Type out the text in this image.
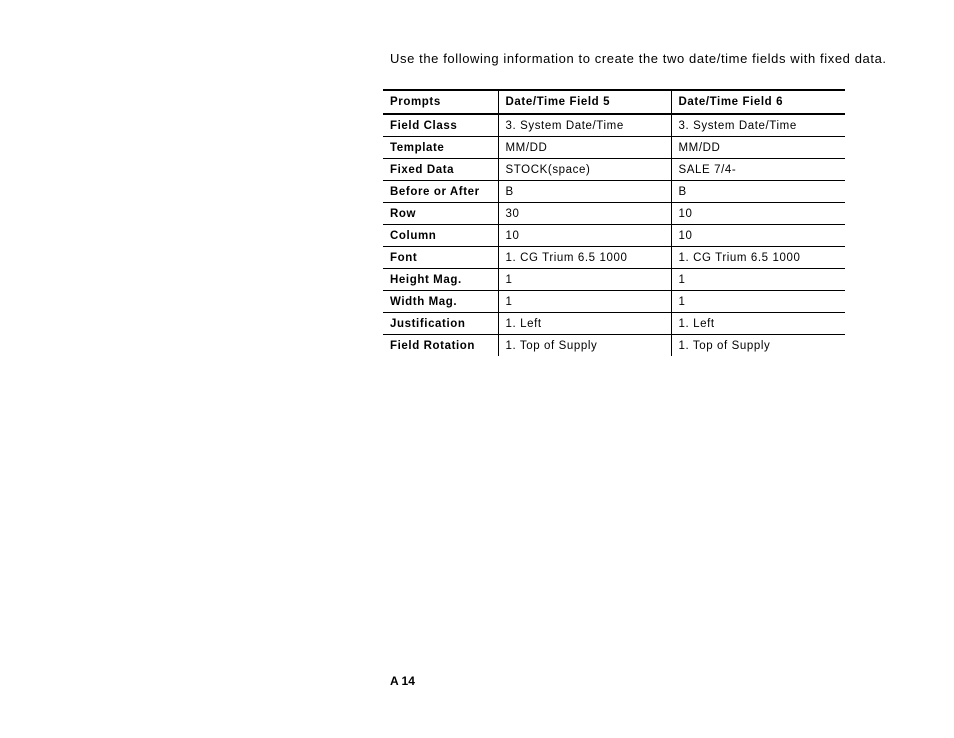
Use the following information to create the two date/time fields with fixed data.

Prompts	Date/Time Field 5	Date/Time Field 6
Field Class	3. System Date/Time	3. System Date/Time
Template	MM/DD	MM/DD
Fixed Data	STOCK(space)	SALE 7/4-
Before or After	B	B
Row	30	10
Column	10	10
Font	1. CG Trium 6.5 1000	1. CG Trium 6.5 1000
Height Mag.	1	1
Width Mag.	1	1
Justification	1. Left	1. Left
Field Rotation	1. Top of Supply	1. Top of Supply

A 14
